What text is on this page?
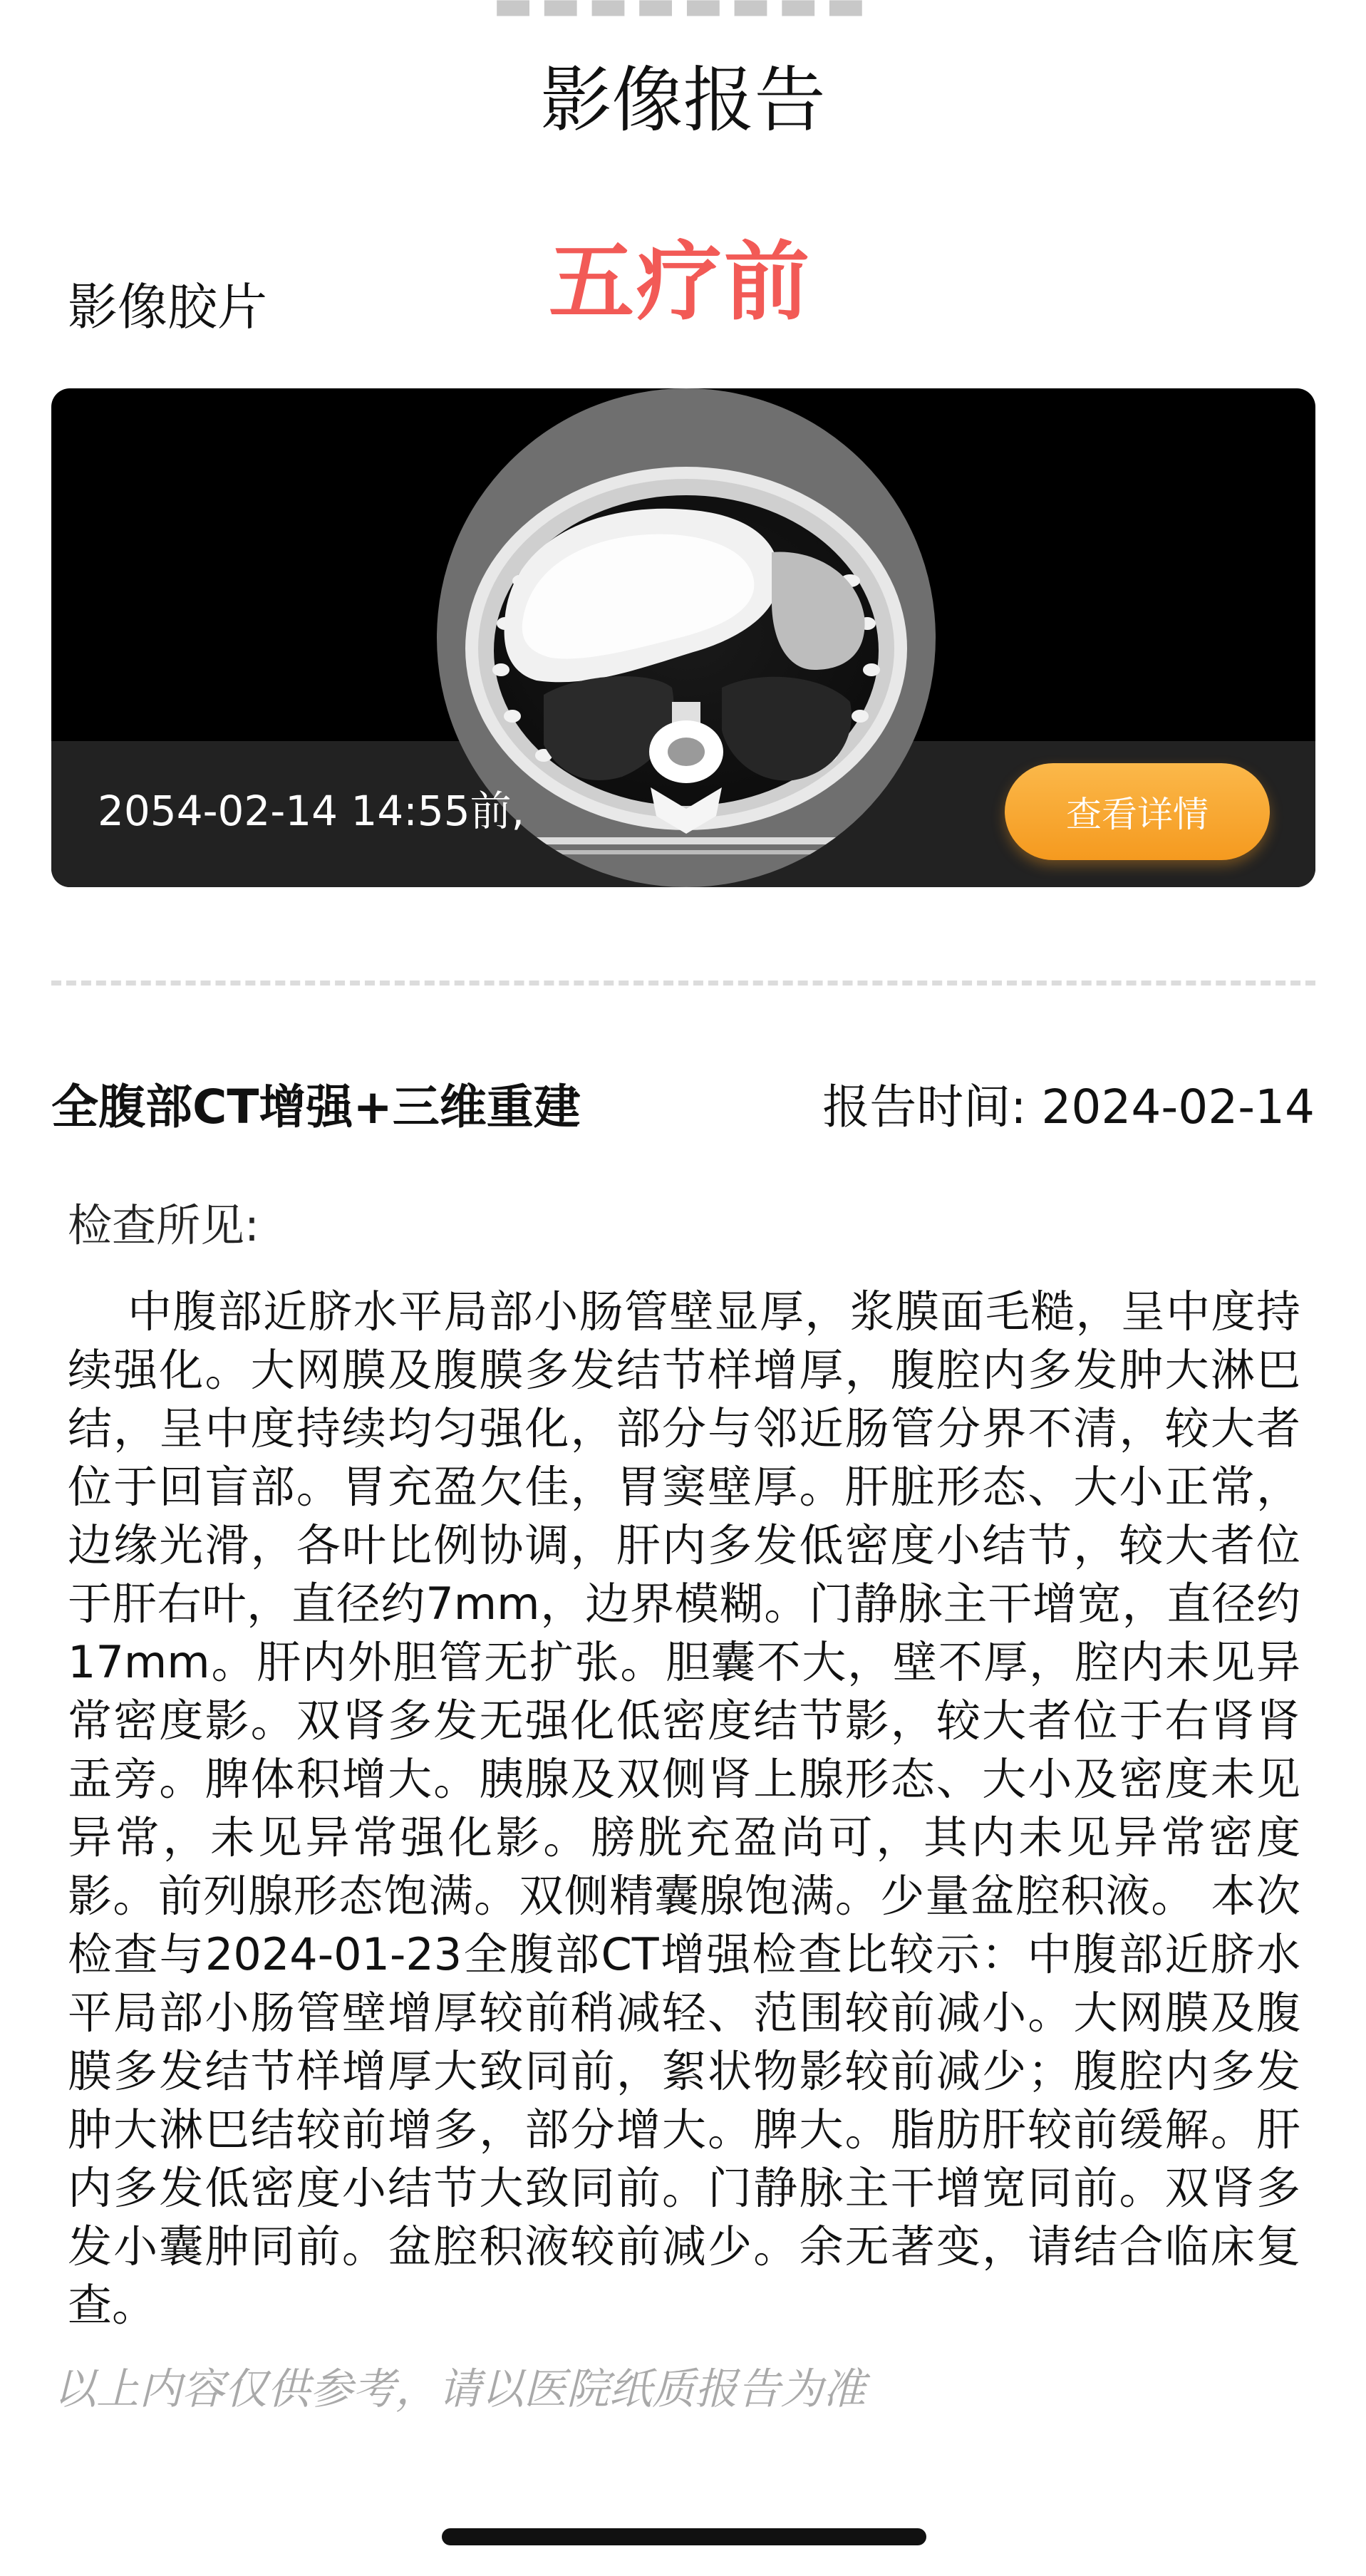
▬▬▬▬▬▬▬▬
影像报告
影像胶片	五疗前
2054-02-14 14:55前,	查看详情
全腹部CT增强+三维重建	报告时间: 2024-02-14
检查所见:

中腹部近脐水平局部小肠管壁显厚，浆膜面毛糙，呈中度持续强化。大网膜及腹膜多发结节样增厚，腹腔内多发肿大淋巴结，呈中度持续均匀强化，部分与邻近肠管分界不清，较大者位于回盲部。胃充盈欠佳，胃窦壁厚。肝脏形态、大小正常，边缘光滑，各叶比例协调，肝内多发低密度小结节，较大者位于肝右叶，直径约7mm，边界模糊。门静脉主干增宽，直径约17mm。肝内外胆管无扩张。胆囊不大，壁不厚，腔内未见异常密度影。双肾多发无强化低密度结节影，较大者位于右肾肾盂旁。脾体积增大。胰腺及双侧肾上腺形态、大小及密度未见异常，未见异常强化影。膀胱充盈尚可，其内未见异常密度影。前列腺形态饱满。双侧精囊腺饱满。少量盆腔积液。 本次检查与2024-01-23全腹部CT增强检查比较示：中腹部近脐水平局部小肠管壁增厚较前稍减轻、范围较前减小。大网膜及腹膜多发结节样增厚大致同前，絮状物影较前减少；腹腔内多发肿大淋巴结较前增多，部分增大。脾大。脂肪肝较前缓解。肝内多发低密度小结节大致同前。门静脉主干增宽同前。双肾多发小囊肿同前。盆腔积液较前减少。余无著变，请结合临床复查。

以上内容仅供参考，请以医院纸质报告为准
